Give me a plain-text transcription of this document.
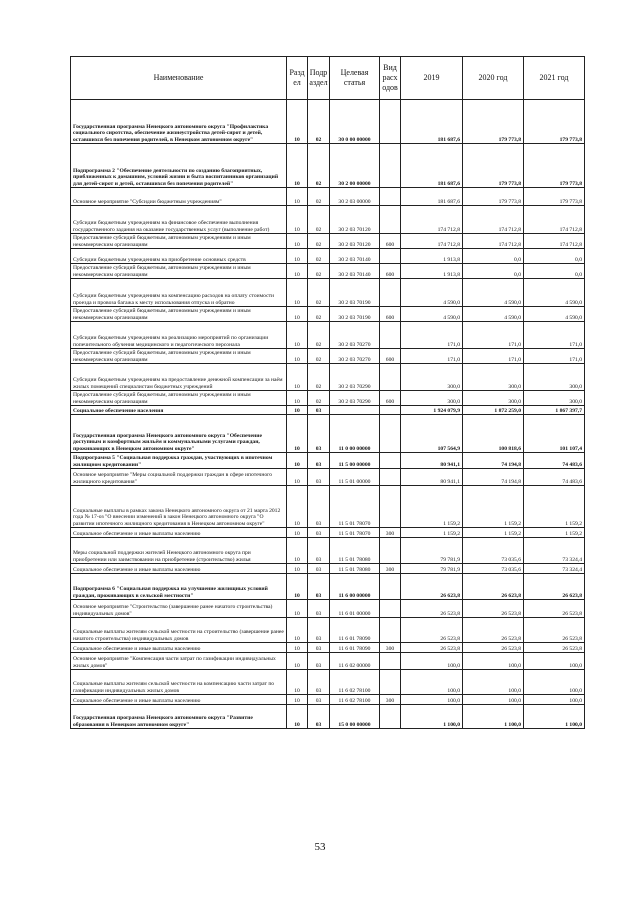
Наименование	Раздел	Подраздел	Целевая статья	Вид расходов	2019	2020 год	2021 год
Государственная программа Ненецкого автономного округа "Профилактика социального сиротства, обеспечение жизнеустройства детей-сирот и детей, оставшихся без попечения родителей, в Ненецком автономном округе"	10	02	30 0 00 00000		181 687,6	179 773,8	179 773,8
Подпрограмма 2 "Обеспечение деятельности по созданию благоприятных, приближенных к домашним, условий жизни и быта воспитанников организаций для детей-сирот и детей, оставшихся без попечения родителей"	10	02	30 2 00 00000		181 687,6	179 773,8	179 773,8
Основное мероприятие "Субсидии бюджетным учреждениям"	10	02	30 2 03 00000		181 687,6	179 773,8	179 773,8
Субсидии бюджетным учреждениям на финансовое обеспечение выполнения государственного задания на оказание государственных услуг (выполнение работ)	10	02	30 2 03 70120		174 712,8	174 712,8	174 712,8
Предоставление субсидий бюджетным, автономным учреждениям и иным некоммерческим организациям	10	02	30 2 03 70120	600	174 712,8	174 712,8	174 712,8
Субсидии бюджетным учреждениям на приобретение основных средств	10	02	30 2 03 70140		1 913,8	0,0	0,0
Предоставление субсидий бюджетным, автономным учреждениям и иным некоммерческим организациям	10	02	30 2 03 70140	600	1 913,8	0,0	0,0
Субсидии бюджетным учреждениям на компенсацию расходов на оплату стоимости проезда и провоза багажа к месту использования отпуска и обратно	10	02	30 2 03 70190		4 590,0	4 590,0	4 590,0
Предоставление субсидий бюджетным, автономным учреждениям и иным некоммерческим организациям	10	02	30 2 03 70190	600	4 590,0	4 590,0	4 590,0
Субсидии бюджетным учреждениям на реализацию мероприятий по организации попечительного обучения медицинского и педагогического персонала	10	02	30 2 03 70270		171,0	171,0	171,0
Предоставление субсидий бюджетным, автономным учреждениям и иным некоммерческим организациям	10	02	30 2 03 70270	600	171,0	171,0	171,0
Субсидии бюджетным учреждениям на предоставление денежной компенсации за наём жилых помещений специалистам бюджетных учреждений	10	02	30 2 03 70290		300,0	300,0	300,0
Предоставление субсидий бюджетным, автономным учреждениям и иным некоммерческим организациям	10	02	30 2 03 70290	600	300,0	300,0	300,0
Социальное обеспечение населения	10	03			1 924 079,9	1 872 259,0	1 867 397,7
Государственная программа Ненецкого автономного округа "Обеспечение доступным и комфортным жильём и коммунальными услугами граждан, проживающих в Ненецком автономном округе"	10	03	11 0 00 00000		107 564,9	100 818,6	101 107,4
Подпрограмма 5 "Социальная поддержка граждан, участвующих в ипотечном жилищном кредитовании"	10	03	11 5 00 00000		80 941,1	74 194,8	74 483,6
Основное мероприятие "Меры социальной поддержки граждан в сфере ипотечного жилищного кредитования"	10	03	11 5 01 00000		80 941,1	74 194,8	74 483,6
Социальные выплаты в рамках закона Ненецкого автономного округа от 21 марта 2012 года № 17-оз "О внесении изменений в закон Ненецкого автономного округа "О развитии ипотечного жилищного кредитования в Ненецком автономном округе"	10	03	11 5 01 78070		1 159,2	1 159,2	1 159,2
Социальное обеспечение и иные выплаты населению	10	03	11 5 01 78070	300	1 159,2	1 159,2	1 159,2
Меры социальной поддержки жителей Ненецкого автономного округа при приобретении или заимствовании на приобретение (строительство) жилья	10	03	11 5 01 78080		79 781,9	73 035,6	73 324,4
Социальное обеспечение и иные выплаты населению	10	03	11 5 01 78080	300	79 781,9	73 035,6	73 324,4
Подпрограмма 6 "Социальная поддержка на улучшение жилищных условий граждан, проживающих в сельской местности"	10	03	11 6 00 00000		26 623,8	26 623,8	26 623,8
Основное мероприятие "Строительство (завершение ранее начатого строительства) индивидуальных домов"	10	03	11 6 01 00000		26 523,8	26 523,8	26 523,8
Социальные выплаты жителям сельской местности на строительство (завершение ранее начатого строительства) индивидуальных домов	10	03	11 6 01 78090		26 523,8	26 523,8	26 523,8
Социальное обеспечение и иные выплаты населению	10	03	11 6 01 78090	300	26 523,8	26 523,8	26 523,8
Основное мероприятие "Компенсация части затрат по газификации индивидуальных жилых домов"	10	03	11 6 02 00000		100,0	100,0	100,0
Социальные выплаты жителям сельской местности на компенсацию части затрат по газификации индивидуальных жилых домов	10	03	11 6 02 78100		100,0	100,0	100,0
Социальное обеспечение и иные выплаты населению	10	03	11 6 02 78100	300	100,0	100,0	100,0
Государственная программа Ненецкого автономного округа "Развитие образования в Ненецком автономном округе"	10	03	15 0 00 00000		1 100,0	1 100,0	1 100,0
53
